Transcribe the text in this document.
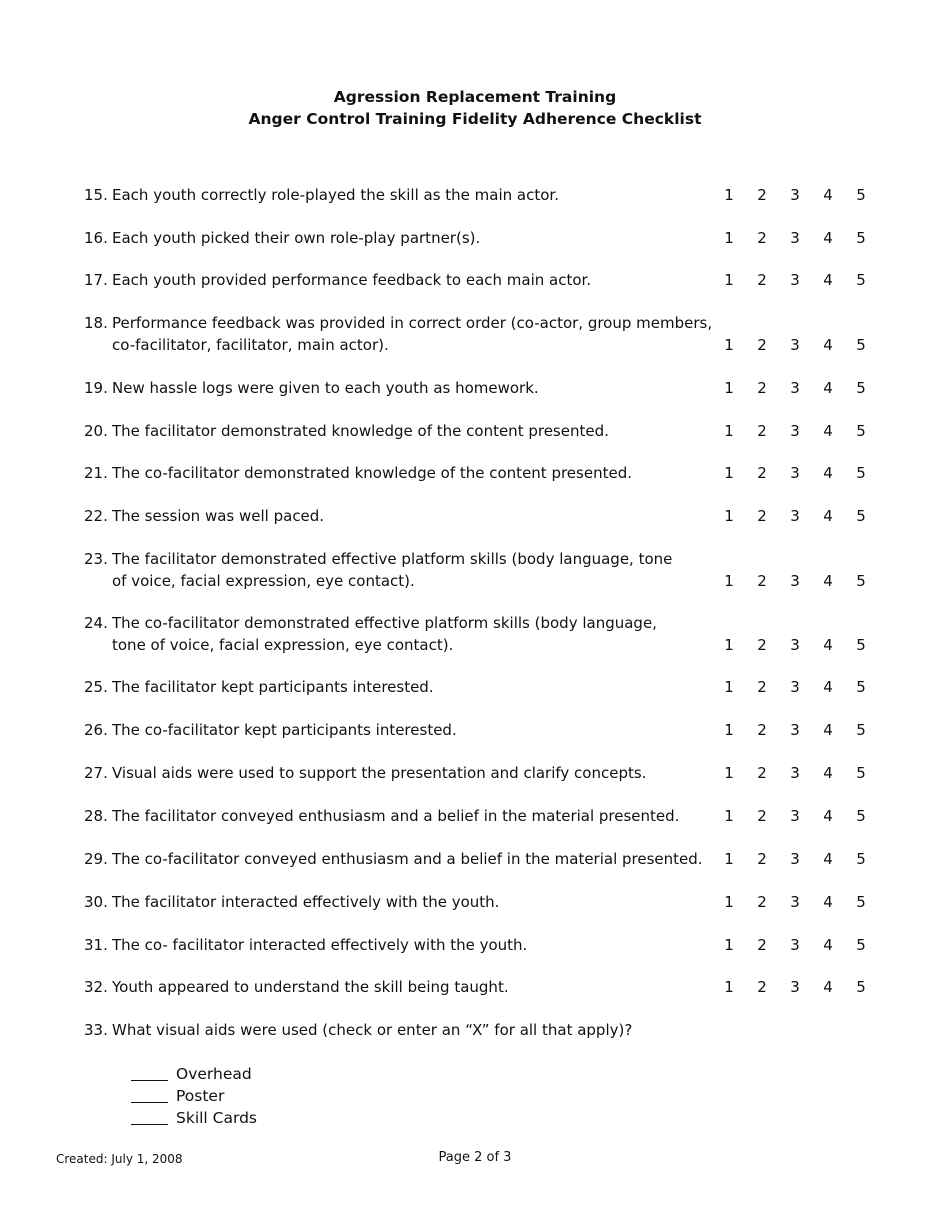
Agression Replacement Training
Anger Control Training Fidelity Adherence Checklist
15. Each youth correctly role-played the skill as the main actor.	1 2 3 4 5
16. Each youth picked their own role-play partner(s).	1 2 3 4 5
17. Each youth provided performance feedback to each main actor.	1 2 3 4 5
18. Performance feedback was provided in correct order (co-actor, group members,
co-facilitator, facilitator, main actor).	1 2 3 4 5
19. New hassle logs were given to each youth as homework.	1 2 3 4 5
20. The facilitator demonstrated knowledge of the content presented.	1 2 3 4 5
21. The co-facilitator demonstrated knowledge of the content presented.	1 2 3 4 5
22. The session was well paced.	1 2 3 4 5
23. The facilitator demonstrated effective platform skills (body language, tone
of voice, facial expression, eye contact).	1 2 3 4 5
24. The co-facilitator demonstrated effective platform skills (body language,
tone of voice, facial expression, eye contact).	1 2 3 4 5
25. The facilitator kept participants interested.	1 2 3 4 5
26. The co-facilitator kept participants interested.	1 2 3 4 5
27. Visual aids were used to support the presentation and clarify concepts.	1 2 3 4 5
28. The facilitator conveyed enthusiasm and a belief in the material presented.	1 2 3 4 5
29. The co-facilitator conveyed enthusiasm and a belief in the material presented.	1 2 3 4 5
30. The facilitator interacted effectively with the youth.	1 2 3 4 5
31. The co- facilitator interacted effectively with the youth.	1 2 3 4 5
32. Youth appeared to understand the skill being taught.	1 2 3 4 5
33. What visual aids were used (check or enter an “X” for all that apply)?
Overhead
Poster
Skill Cards
Created: July 1, 2008	Page 2 of 3
